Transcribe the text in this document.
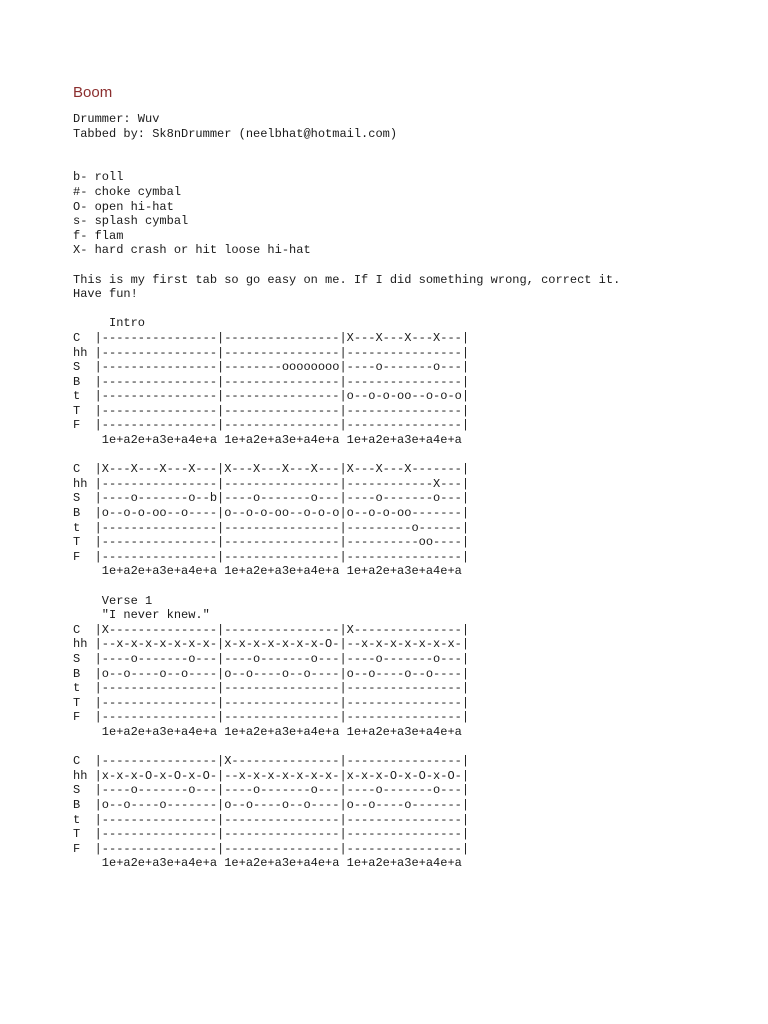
Boom
Drummer: Wuv
Tabbed by: Sk8nDrummer (neelbhat@hotmail.com)

b- roll
#- choke cymbal
O- open hi-hat
s- splash cymbal
f- flam
X- hard crash or hit loose hi-hat

This is my first tab so go easy on me. If I did something wrong, correct it.
Have fun!

Intro
C  |----------------|----------------|X---X---X---X---|
hh |----------------|----------------|----------------|
S  |----------------|--------oooooooo|----o-------o---|
B  |----------------|----------------|----------------|
t  |----------------|----------------|o--o-o-oo--o-o-o|
T  |----------------|----------------|----------------|
F  |----------------|----------------|----------------|
1e+a2e+a3e+a4e+a 1e+a2e+a3e+a4e+a 1e+a2e+a3e+a4e+a

C  |X---X---X---X---|X---X---X---X---|X---X---X-------|
hh |----------------|----------------|------------X---|
S  |----o-------o--b|----o-------o---|----o-------o---|
B  |o--o-o-oo--o----|o--o-o-oo--o-o-o|o--o-o-oo-------|
t  |----------------|----------------|---------o------|
T  |----------------|----------------|----------oo----|
F  |----------------|----------------|----------------|
1e+a2e+a3e+a4e+a 1e+a2e+a3e+a4e+a 1e+a2e+a3e+a4e+a

Verse 1
"I never knew."
C  |X---------------|----------------|X---------------|
hh |--x-x-x-x-x-x-x-|x-x-x-x-x-x-x-O-|--x-x-x-x-x-x-x-|
S  |----o-------o---|----o-------o---|----o-------o---|
B  |o--o----o--o----|o--o----o--o----|o--o----o--o----|
t  |----------------|----------------|----------------|
T  |----------------|----------------|----------------|
F  |----------------|----------------|----------------|
1e+a2e+a3e+a4e+a 1e+a2e+a3e+a4e+a 1e+a2e+a3e+a4e+a

C  |----------------|X---------------|----------------|
hh |x-x-x-O-x-O-x-O-|--x-x-x-x-x-x-x-|x-x-x-O-x-O-x-O-|
S  |----o-------o---|----o-------o---|----o-------o---|
B  |o--o----o-------|o--o----o--o----|o--o----o-------|
t  |----------------|----------------|----------------|
T  |----------------|----------------|----------------|
F  |----------------|----------------|----------------|
1e+a2e+a3e+a4e+a 1e+a2e+a3e+a4e+a 1e+a2e+a3e+a4e+a
